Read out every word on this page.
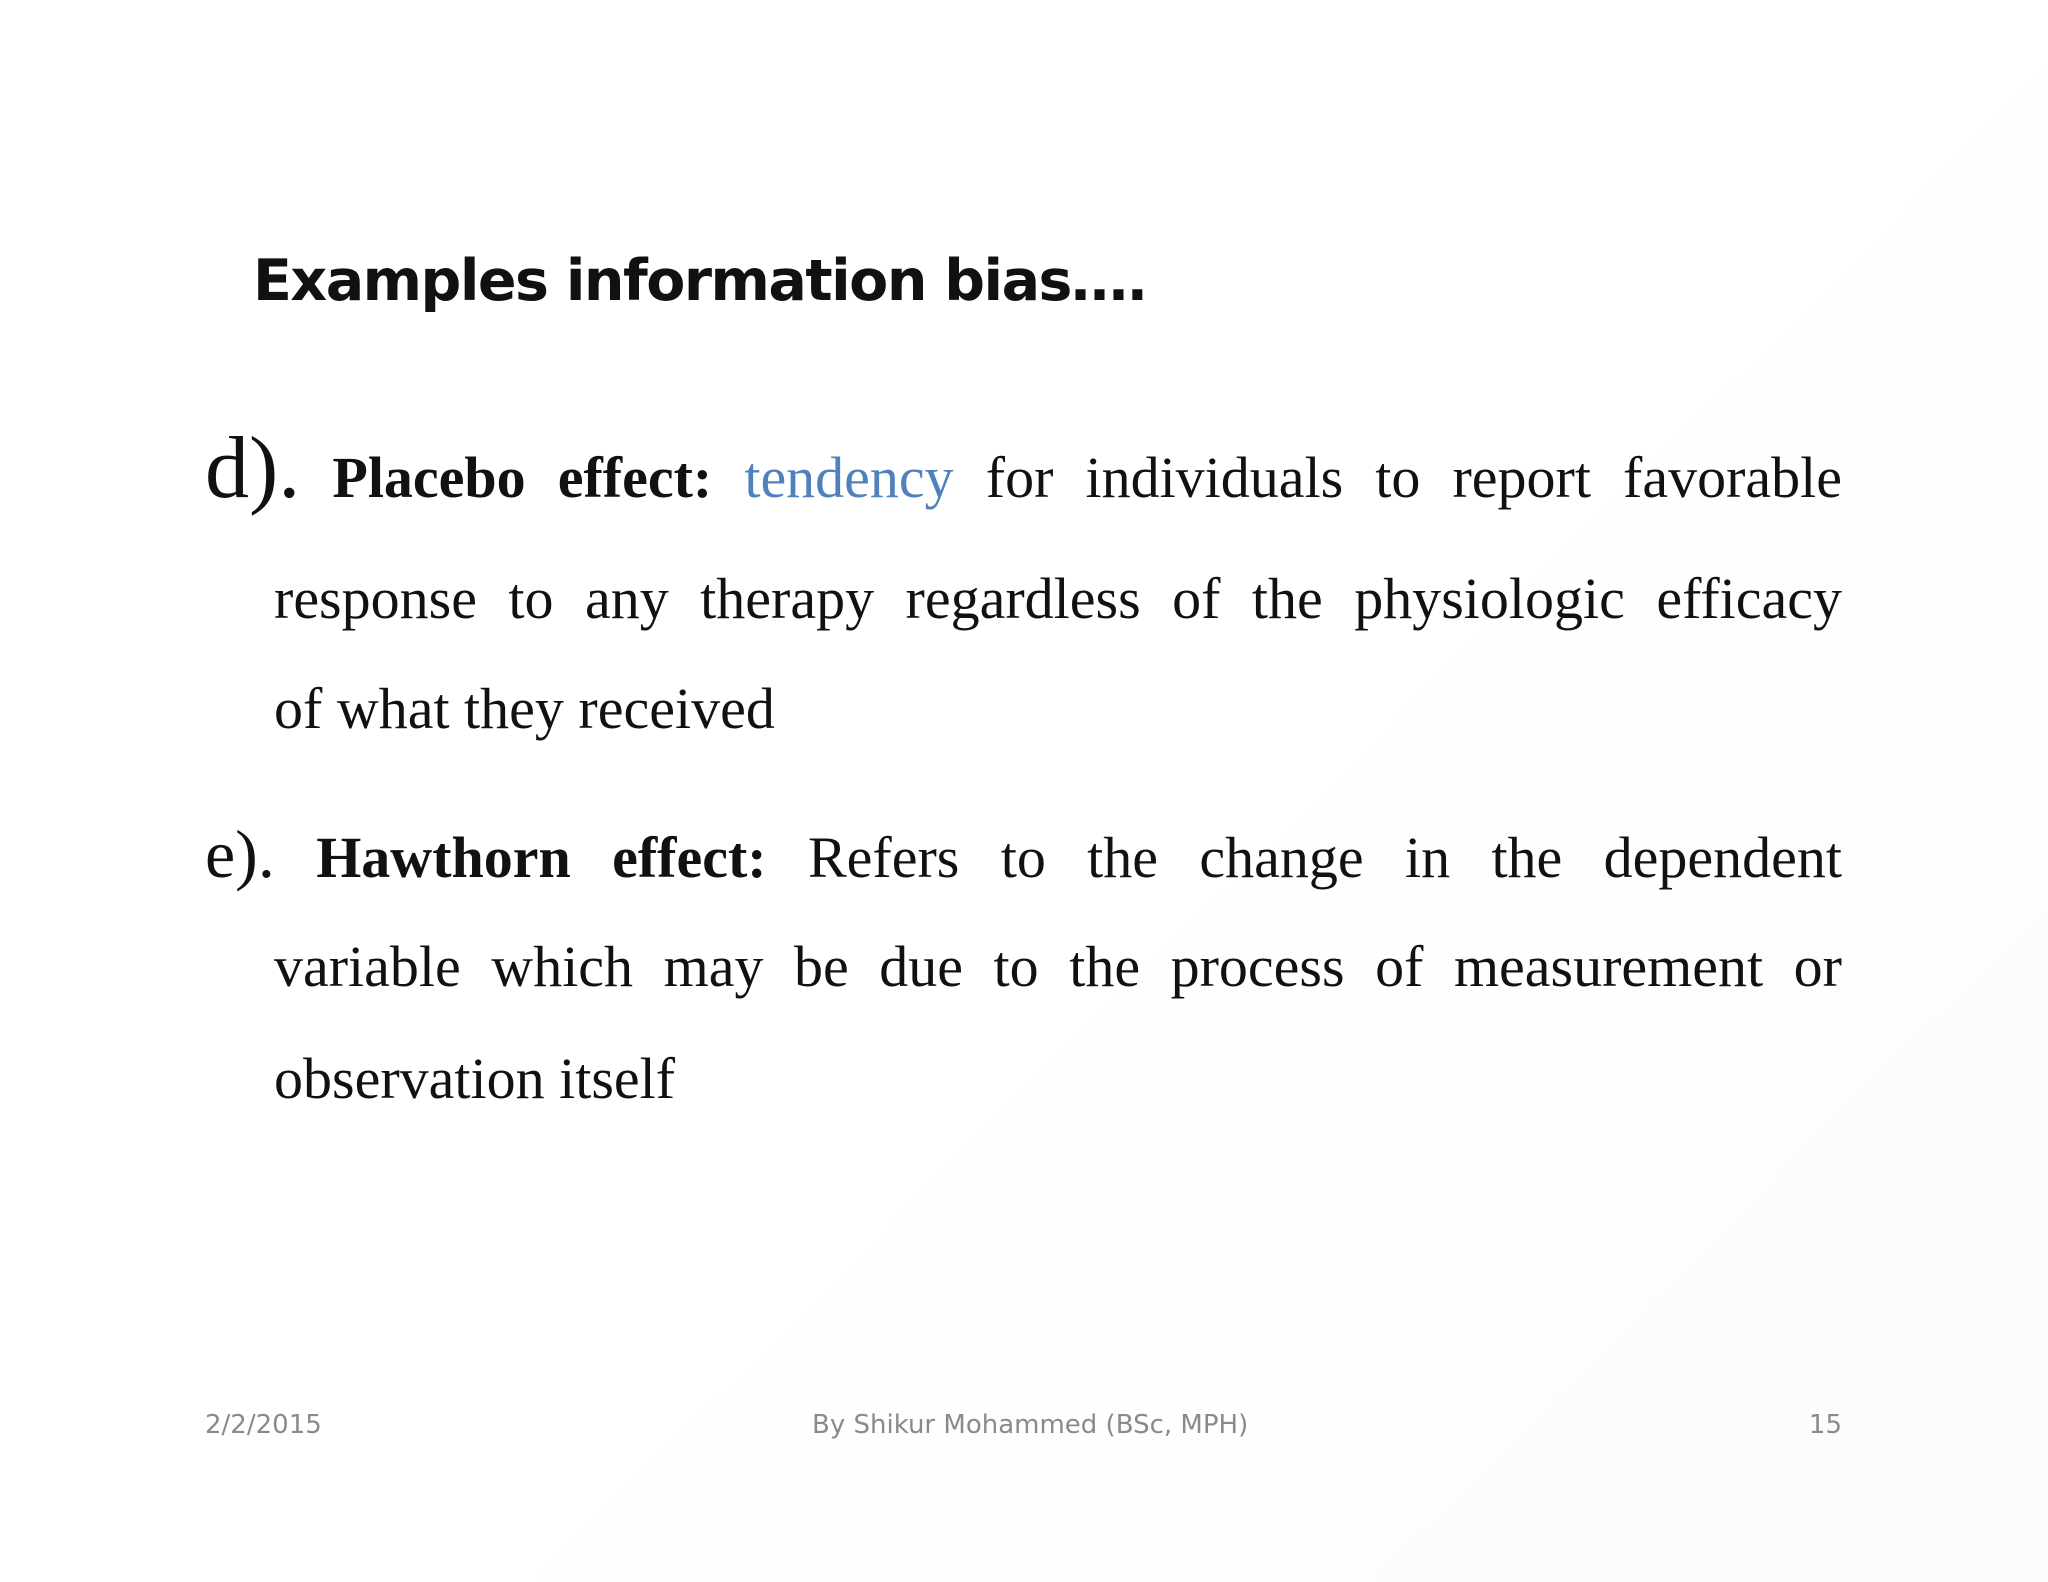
Examples information bias….
d). Placebo effect: tendency for individuals to report favorable
response to any therapy regardless of the physiologic efficacy
of what they received
e). Hawthorn effect: Refers to the change in the dependent
variable which may be due to the process of measurement or
observation itself
2/2/2015	By Shikur Mohammed (BSc, MPH)	15
